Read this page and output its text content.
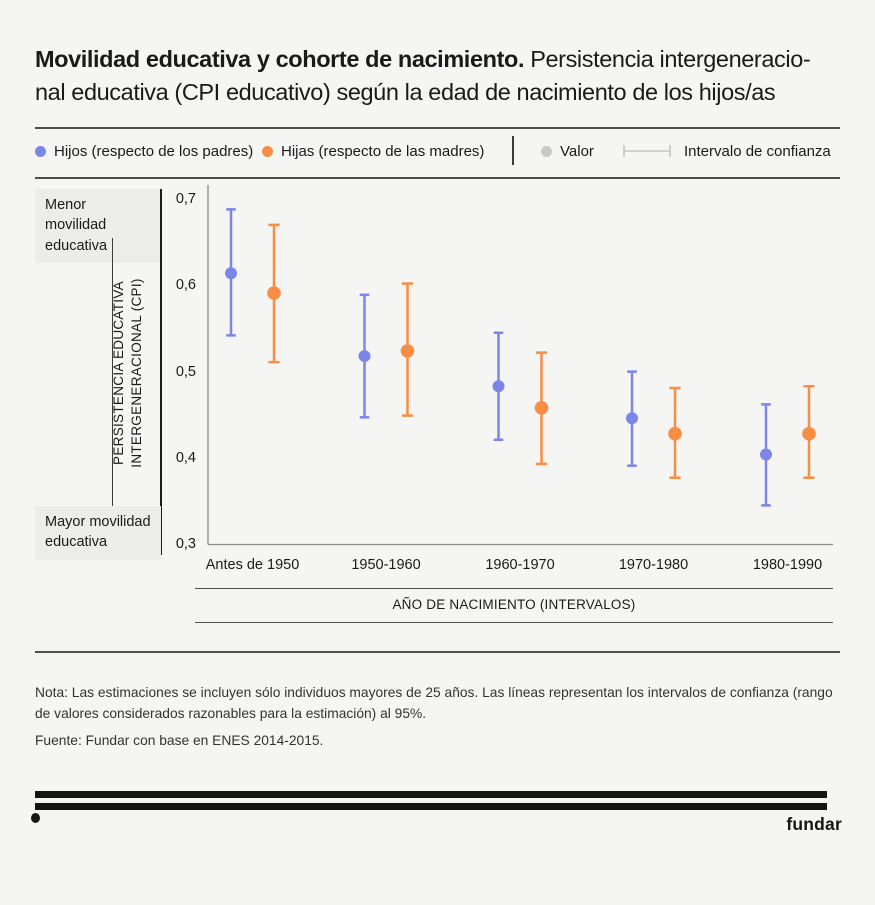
Movilidad educativa y cohorte de nacimiento. Persistencia intergeneracio-
nal educativa (CPI educativo) según la edad de nacimiento de los hijos/as
Hijos (respecto de los padres) Hijas (respecto de las madres)	Valor	Intervalo de confianza
Menor movilidad educativa
PERSISTENCIA EDUCATIVA INTERGENERACIONAL (CPI)
Mayor movilidad educativa
0,7
0,6
0,5
0,4
0,3
Antes de 1950	1950-1960	1960-1970	1970-1980	1980-1990
AÑO DE NACIMIENTO (INTERVALOS)

Nota: Las estimaciones se incluyen sólo individuos mayores de 25 años. Las líneas representan los intervalos de confianza (rango de valores considerados razonables para la estimación) al 95%.

Fuente: Fundar con base en ENES 2014-2015.

fundar
